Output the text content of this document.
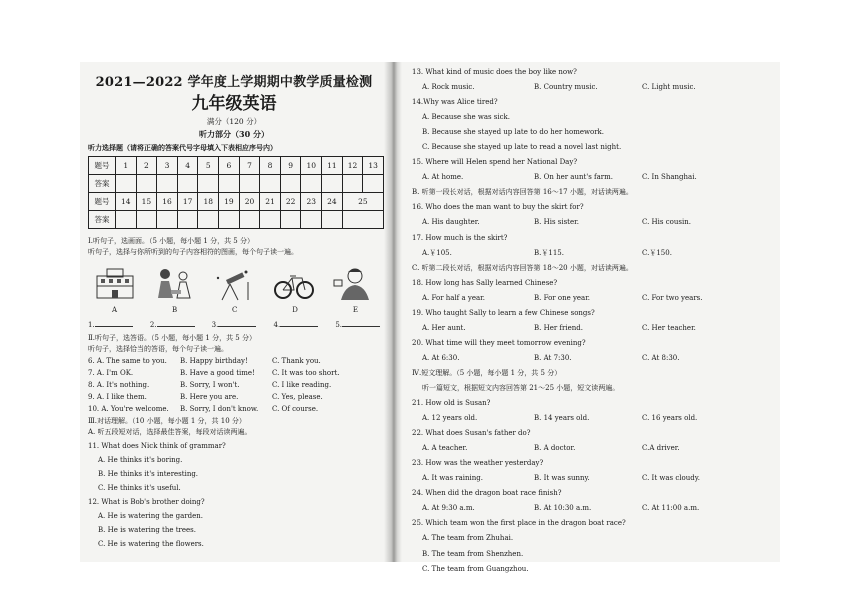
2021—2022 学年度上学期期中教学质量检测
九年级英语
满分（120 分）
听力部分（30 分）
听力选择题（请将正确的答案代号字母填入下表相应序号内）
题号	1	2	3	4	5	6	7	8	9	10	11	12	13
答案													
题号	14	15	16	17	18	19	20	21	22	23	24	25	
答案													
Ⅰ.听句子，选画面。（5 小题，每小题 1 分，共 5 分）
听句子，选择与你所听到的句子内容相符的图画，每个句子读一遍。
A	B	C	D	E
1.	2.	3.	4.	5.
Ⅱ.听句子，选答语。（5 小题，每小题 1 分，共 5 分）
听句子，选择恰当的答语，每个句子读一遍。
6. A. The same to you.	B. Happy birthday!	C. Thank you.
7. A. I'm OK.	B. Have a good time!	C. It was too short.
8. A. It's nothing.	B. Sorry, I won't.	C. I like reading.
9. A. I like them.	B. Here you are.	C. Yes, please.
10. A. You're welcome.	B. Sorry, I don't know.	C. Of course.
Ⅲ.对话理解。（10 小题，每小题 1 分，共 10 分）
A. 听五段短对话，选择最佳答案，每段对话读两遍。
11. What does Nick think of grammar?
A. He thinks it's boring.
B. He thinks it's interesting.
C. He thinks it's useful.
12. What is Bob's brother doing?
A. He is watering the garden.
B. He is watering the trees.
C. He is watering the flowers.
13. What kind of music does the boy like now?
A. Rock music.	B. Country music.	C. Light music.
14.Why was Alice tired?
A. Because she was sick.
B. Because she stayed up late to do her homework.
C. Because she stayed up late to read a novel last night.
15. Where will Helen spend her National Day?
A. At home.	B. On her aunt's farm.	C. In Shanghai.
B. 听第一段长对话，根据对话内容回答第 16～17 小题，对话读两遍。
16. Who does the man want to buy the skirt for?
A. His daughter.	B. His sister.	C. His cousin.
17. How much is the skirt?
A.￥105.	B.￥115.	C.￥150.
C. 听第二段长对话，根据对话内容回答第 18～20 小题，对话读两遍。
18. How long has Sally learned Chinese?
A. For half a year.	B. For one year.	C. For two years.
19. Who taught Sally to learn a few Chinese songs?
A. Her aunt.	B. Her friend.	C. Her teacher.
20. What time will they meet tomorrow evening?
A. At 6:30.	B. At 7:30.	C. At 8:30.
Ⅳ.短文理解。（5 小题，每小题 1 分，共 5 分）
听一篇短文，根据短文内容回答第 21～25 小题，短文读两遍。
21. How old is Susan?
A. 12 years old.	B. 14 years old.	C. 16 years old.
22. What does Susan's father do?
A. A teacher.	B. A doctor.	C.A driver.
23. How was the weather yesterday?
A. It was raining.	B. It was sunny.	C. It was cloudy.
24. When did the dragon boat race finish?
A. At 9:30 a.m.	B. At 10:30 a.m.	C. At 11:00 a.m.
25. Which team won the first place in the dragon boat race?
A. The team from Zhuhai.
B. The team from Shenzhen.
C. The team from Guangzhou.
